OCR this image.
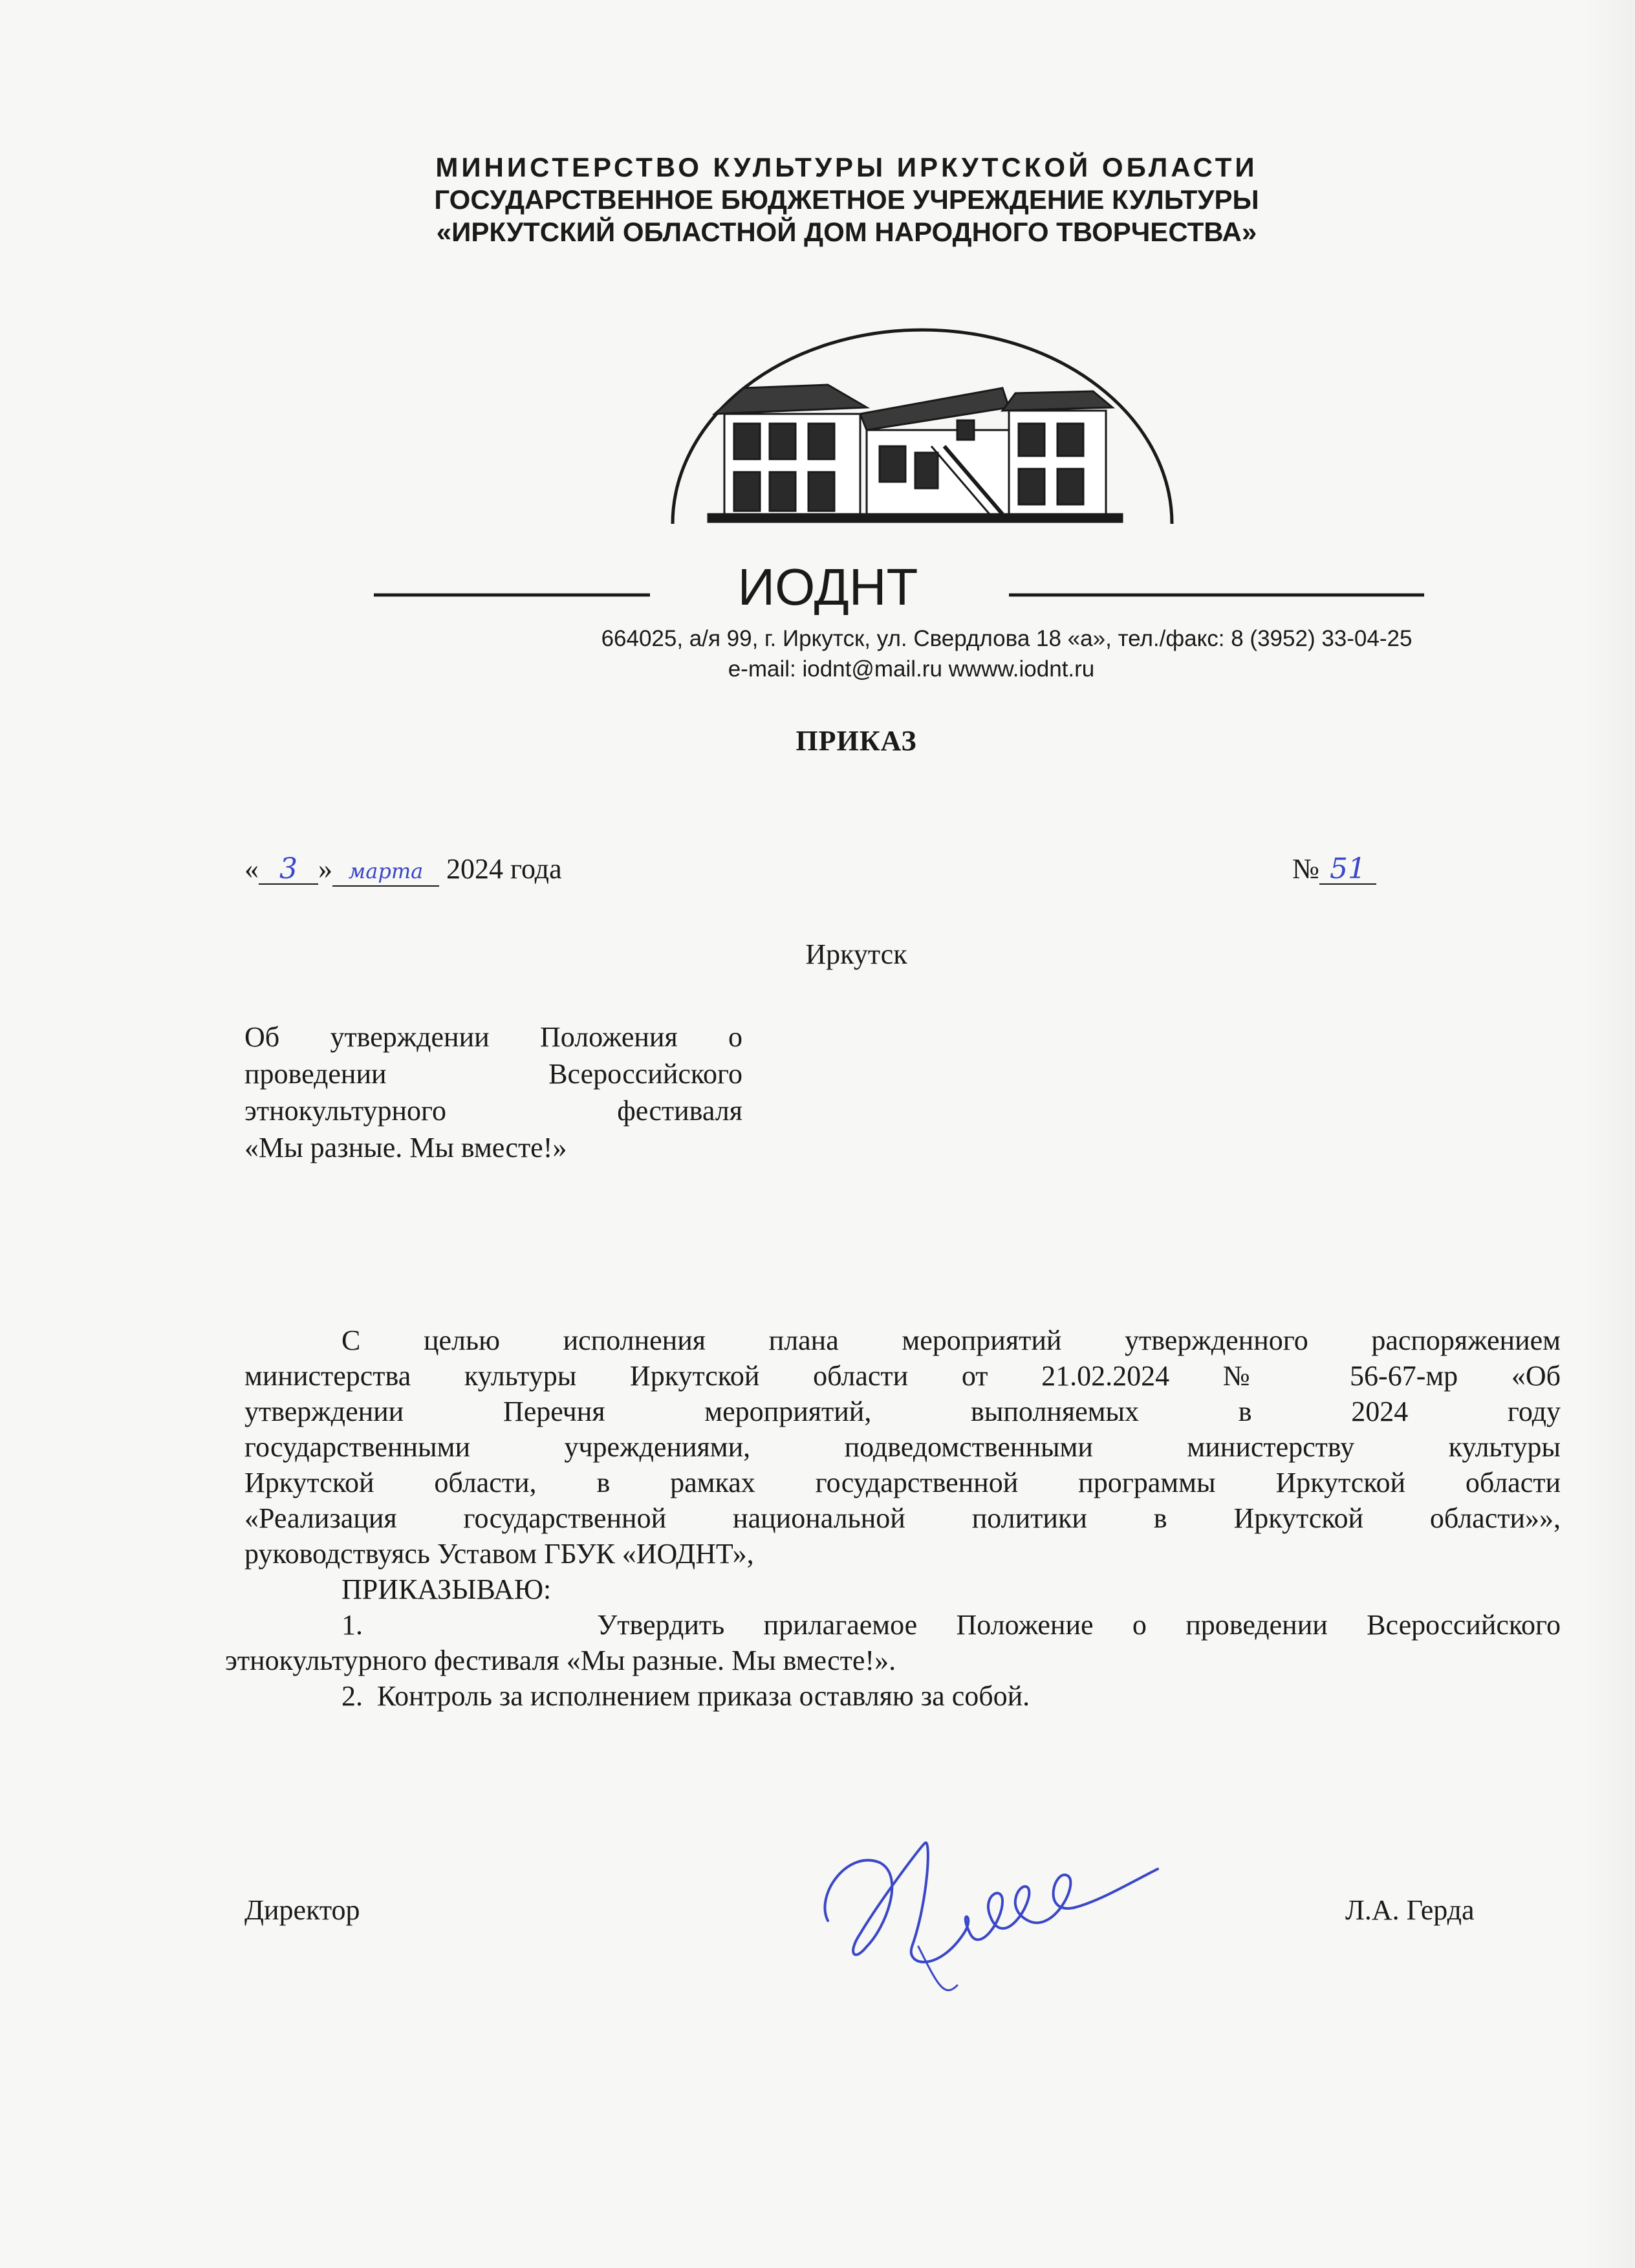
МИНИСТЕРСТВО КУЛЬТУРЫ ИРКУТСКОЙ ОБЛАСТИ
ГОСУДАРСТВЕННОЕ БЮДЖЕТНОЕ УЧРЕЖДЕНИЕ КУЛЬТУРЫ
«ИРКУТСКИЙ ОБЛАСТНОЙ ДОМ НАРОДНОГО ТВОРЧЕСТВА»
ИОДНТ
664025, а/я 99, г. Иркутск, ул. Свердлова 18 «а», тел./факс: 8 (3952) 33-04-25
e-mail: iodnt@mail.ru wwww.iodnt.ru
ПРИКАЗ
« 3 » марта 2024 года	№ 51
Иркутск
Об утверждении Положения о
проведении Всероссийского
этнокультурного фестиваля
«Мы разные. Мы вместе!»
С целью исполнения плана мероприятий утвержденного распоряжением
министерства культуры Иркутской области от 21.02.2024 № 56-67-мр «Об
утверждении Перечня мероприятий, выполняемых в 2024 году
государственными учреждениями, подведомственными министерству культуры
Иркутской области, в рамках государственной программы Иркутской области
«Реализация государственной национальной политики в Иркутской области»»,
руководствуясь Уставом ГБУК «ИОДНТ»,
ПРИКАЗЫВАЮ:
1.      Утвердить прилагаемое Положение о проведении Всероссийского
этнокультурного фестиваля «Мы разные. Мы вместе!».
2.  Контроль за исполнением приказа оставляю за собой.
Директор	Л.А. Герда
